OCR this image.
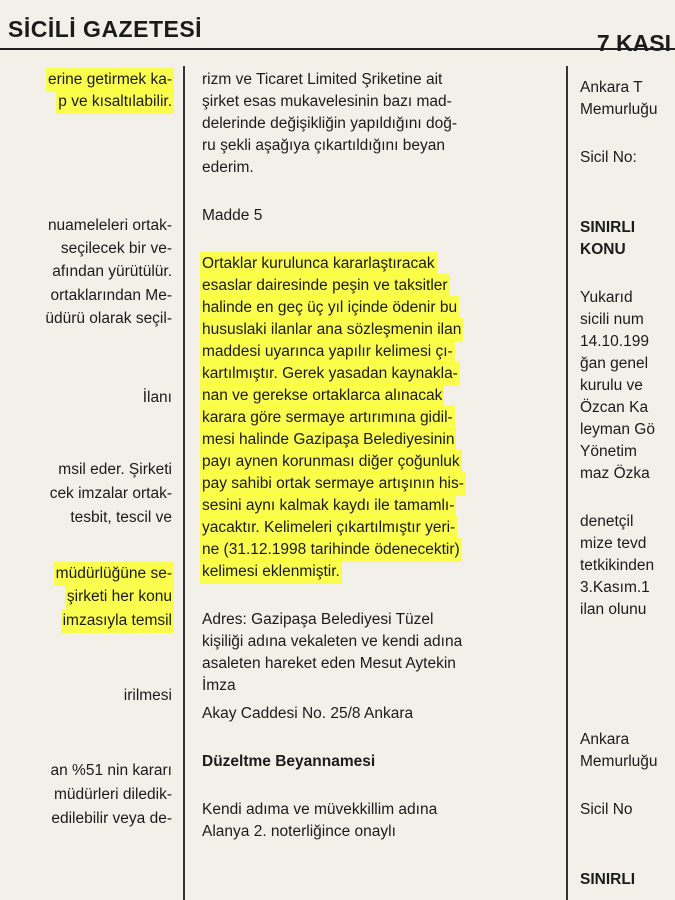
SİCİLİ GAZETESİ
7 KASI
erine getirmek ka-
p ve kısaltılabilir.
nuameleleri ortak-
seçilecek bir ve-
afından yürütülür.
ortaklarından Me-
üdürü olarak seçil-
İlanı
msil eder. Şirketi
cek imzalar ortak-
tesbit, tescil ve
müdürlüğüne se-
şirketi her konu
imzasıyla temsil
irilmesi
an %51 nin kararı
müdürleri diledik-
edilebilir veya de-
rizm ve Ticaret Limited Şriketine ait
şirket esas mukavelesinin bazı mad-
delerinde değişikliğin yapıldığını doğ-
ru şekli aşağıya çıkartıldığını beyan
ederim.
Madde 5
Ortaklar kurulunca kararlaştıracak
esaslar dairesinde peşin ve taksitler
halinde en geç üç yıl içinde ödenir bu
hususlaki ilanlar ana sözleşmenin ilan
maddesi uyarınca yapılır kelimesi çı-
kartılmıştır. Gerek yasadan kaynakla-
nan ve gerekse ortaklarca alınacak
karara göre sermaye artırımına gidil-
mesi halinde Gazipaşa Belediyesinin
payı aynen korunması diğer çoğunluk
pay sahibi ortak sermaye artışının his-
sesini aynı kalmak kaydı ile tamamlı-
yacaktır. Kelimeleri çıkartılmıştır yeri-
ne (31.12.1998 tarihinde ödenecektir)
kelimesi eklenmiştir.
Adres: Gazipaşa Belediyesi Tüzel
kişiliği adına vekaleten ve kendi adına
asaleten hareket eden Mesut Aytekin
İmza
Akay Caddesi No. 25/8 Ankara
Düzeltme Beyannamesi
Kendi adıma ve müvekkillim adına
Alanya 2. noterliğince onaylı
Ankara T
Memurluğu
Sicil No:
SINIRLI
KONU
Yukarıd
sicili num
14.10.199
ğan genel
kurulu ve
Özcan Ka
leyman Gö
Yönetim
maz Özka
denetçil
mize tevd
tetkikinden
3.Kasım.1
ilan olunu
Ankara
Memurluğu
Sicil No
SINIRLI
